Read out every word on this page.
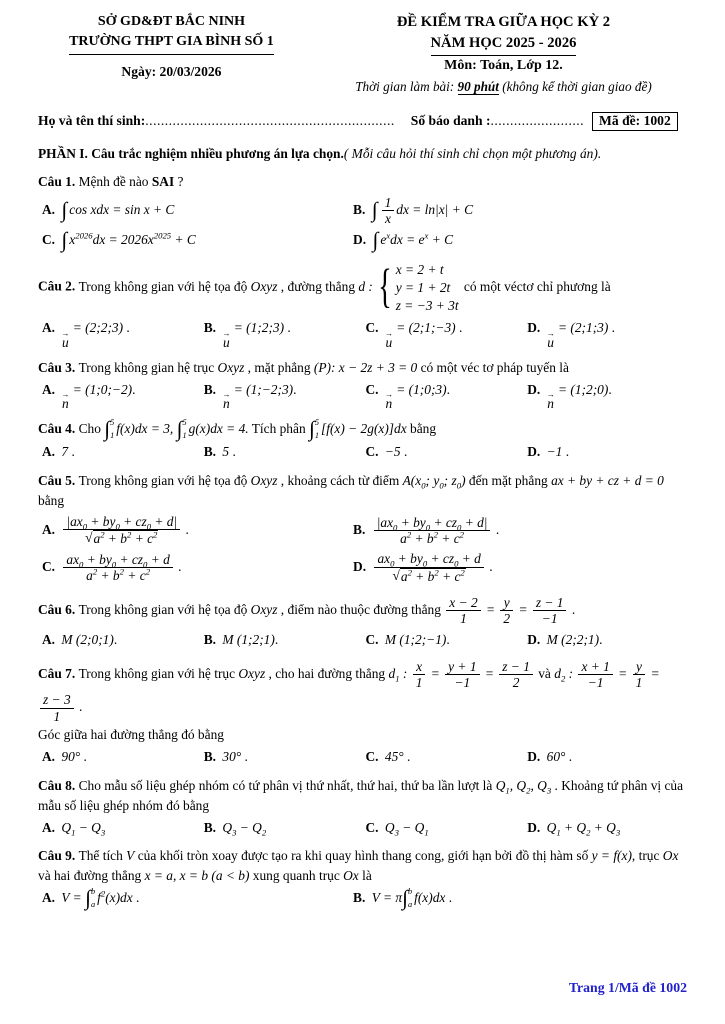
SỞ GD&ĐT BẮC NINH
TRƯỜNG THPT GIA BÌNH SỐ 1
Ngày: 20/03/2026
ĐỀ KIỂM TRA GIỮA HỌC KỲ 2
NĂM HỌC 2025 - 2026
Môn: Toán, Lớp 12.
Thời gian làm bài: 90 phút (không kể thời gian giao đề)
Họ và tên thí sinh: ................................................................ Số báo danh : ........................	Mã đề: 1002
PHẦN I. Câu trắc nghiệm nhiều phương án lựa chọn.( Mỗi câu hỏi thí sinh chỉ chọn một phương án).
Câu 1. Mệnh đề nào SAI ?
A. ∫ cos xdx = sin x + C	B. ∫ $\frac{1}{x}$ dx = ln|x| + C
C. ∫ $x^{2026}dx = 2026x^{2025} + C$	D. ∫ $e^xdx = e^x + C$
Câu 2. Trong không gian với hệ tọa độ Oxyz , đường thẳng d : { x = 2 + t
y = 1 + 2t
z = −3 + 3t
có một véctơ chỉ phương là
A. →
u
= (2;2;3) .	B. →
u
= (1;2;3) .	C. →
u
= (2;1;−3) .	D. →
u
= (2;1;3) .
Câu 3. Trong không gian hệ trục Oxyz , mặt phẳng (P): x − 2z + 3 = 0 có một véc tơ pháp tuyến là
A. →
n
= (1;0;−2).	B. →
n
= (1;−2;3).	C. →
n
= (1;0;3).	D. →
n
= (1;2;0).
Câu 4. Cho ∫ 5
1 f(x)dx = 3, ∫ 5
1 g(x)dx = 4. Tích phân ∫ 5
1 [f(x) − 2g(x)]dx bằng
A. 7 .	B. 5 .	C. −5 .	D. −1 .
Câu 5. Trong không gian với hệ tọa độ Oxyz , khoảng cách từ điểm $A(x_0$; $y_0$; $z_0$) đến mặt phẳng ax + by + cz + d = 0 bằng
A. $\frac{|ax_0 + by_0 + cz_0 + d|}{√ a^2 + b^2 + c^2}$ .	B. $\frac{|ax_0 + by_0 + cz_0 + d|}{a^2 + b^2 + c^2}$ .
C. $\frac{ax_0 + by_0 + cz_0 + d}{a^2 + b^2 + c^2}$ .	D. $\frac{ax_0 + by_0 + cz_0 + d}{√ a^2 + b^2 + c^2}$ .
Câu 6. Trong không gian với hệ tọa độ Oxyz , điểm nào thuộc đường thẳng $\frac{x - 2}{1} = \frac{y}{2} = \frac{z - 1}{-1}$ .
A. M (2;0;1).	B. M (1;2;1).	C. M (1;2;−1).	D. M (2;2;1).
Câu 7. Trong không gian với hệ trục Oxyz , cho hai đường thẳng $d_1$ : $\frac{x}{1} = \frac{y + 1}{-1} = \frac{z - 1}{2}$ và $d_2$ : $\frac{x + 1}{-1} = \frac{y}{1}$ =
$\frac{z - 3}{1}$ .
Góc giữa hai đường thẳng đó bằng
A. 90° .	B. 30° .	C. 45° .	D. 60° .
Câu 8. Cho mẫu số liệu ghép nhóm có tứ phân vị thứ nhất, thứ hai, thứ ba lần lượt là $Q_1$, $Q_2$, $Q_3$ . Khoảng tứ phân vị của mẫu số liệu ghép nhóm đó bằng
A. $Q_1 - Q_3$	B. $Q_3 - Q_2$	C. $Q_3 - Q_1$	D. $Q_1 + Q_2 + Q_3$
Câu 9. Thể tích V của khối tròn xoay được tạo ra khi quay hình thang cong, giới hạn bởi đồ thị hàm số y = f(x), trục Ox và hai đường thẳng x = a, x = b (a < b) xung quanh trục Ox là
A. V = ∫ b
a $f^2(x)dx$ .	B. V = π ∫ b
a f(x)dx .
Trang 1/Mã đề 1002
